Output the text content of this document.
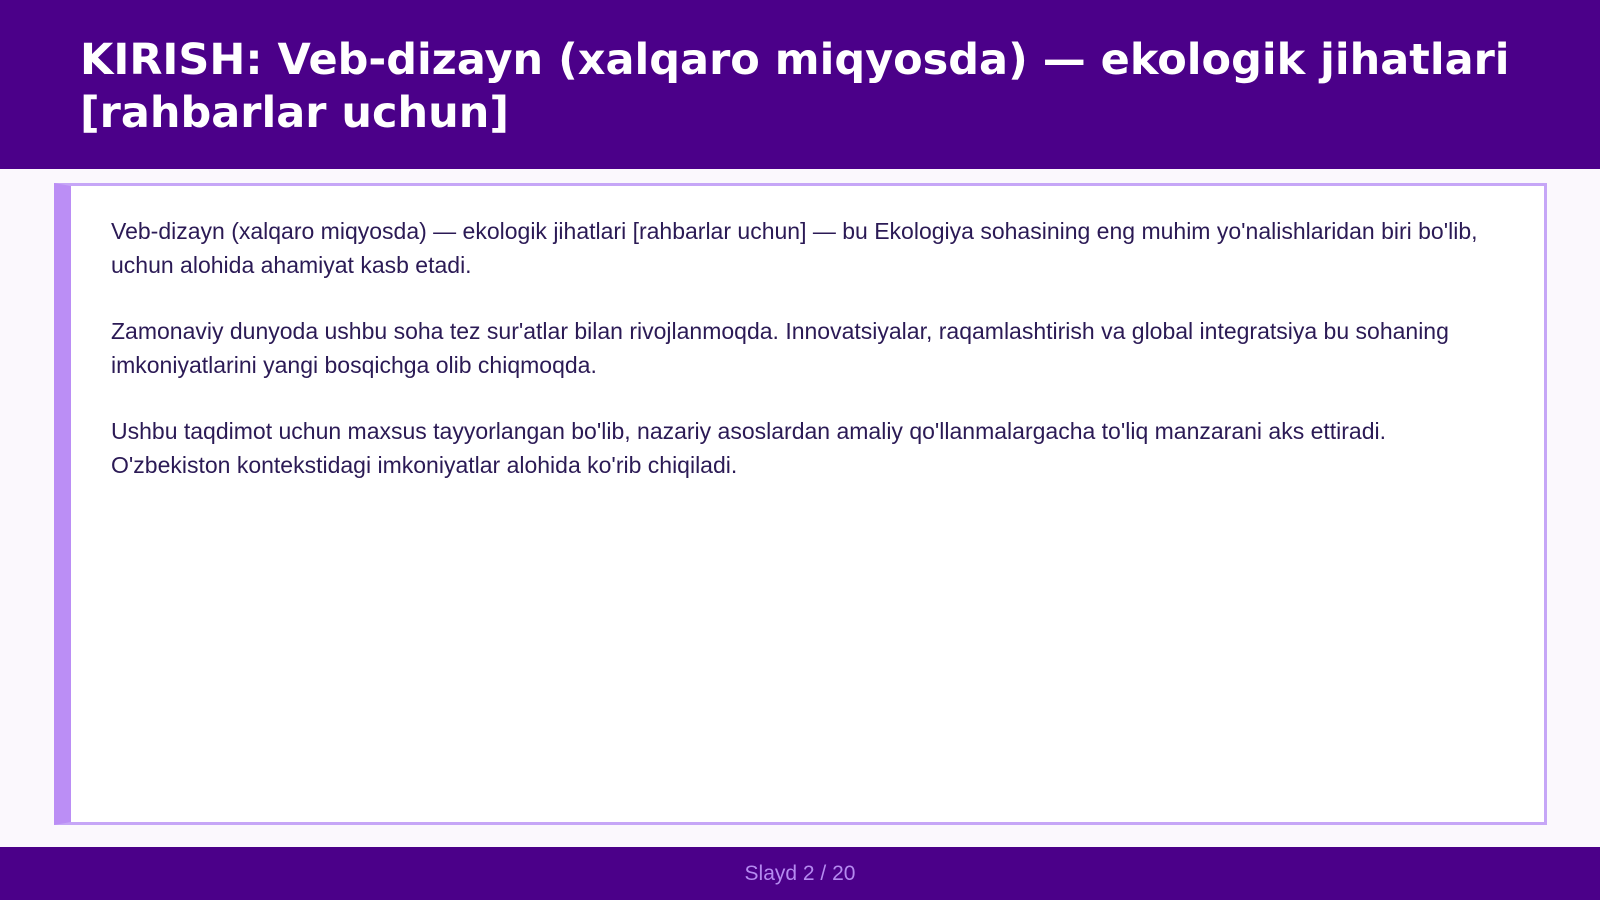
KIRISH: Veb-dizayn (xalqaro miqyosda) — ekologik jihatlari [rahbarlar uchun]

Veb-dizayn (xalqaro miqyosda) — ekologik jihatlari [rahbarlar uchun] — bu Ekologiya sohasining eng muhim yo'nalishlaridan biri bo'lib, uchun alohida ahamiyat kasb etadi.

Zamonaviy dunyoda ushbu soha tez sur'atlar bilan rivojlanmoqda. Innovatsiyalar, raqamlashtirish va global integratsiya bu sohaning imkoniyatlarini yangi bosqichga olib chiqmoqda.

Ushbu taqdimot uchun maxsus tayyorlangan bo'lib, nazariy asoslardan amaliy qo'llanmalargacha to'liq manzarani aks ettiradi. O'zbekiston kontekstidagi imkoniyatlar alohida ko'rib chiqiladi.

Slayd 2 / 20
